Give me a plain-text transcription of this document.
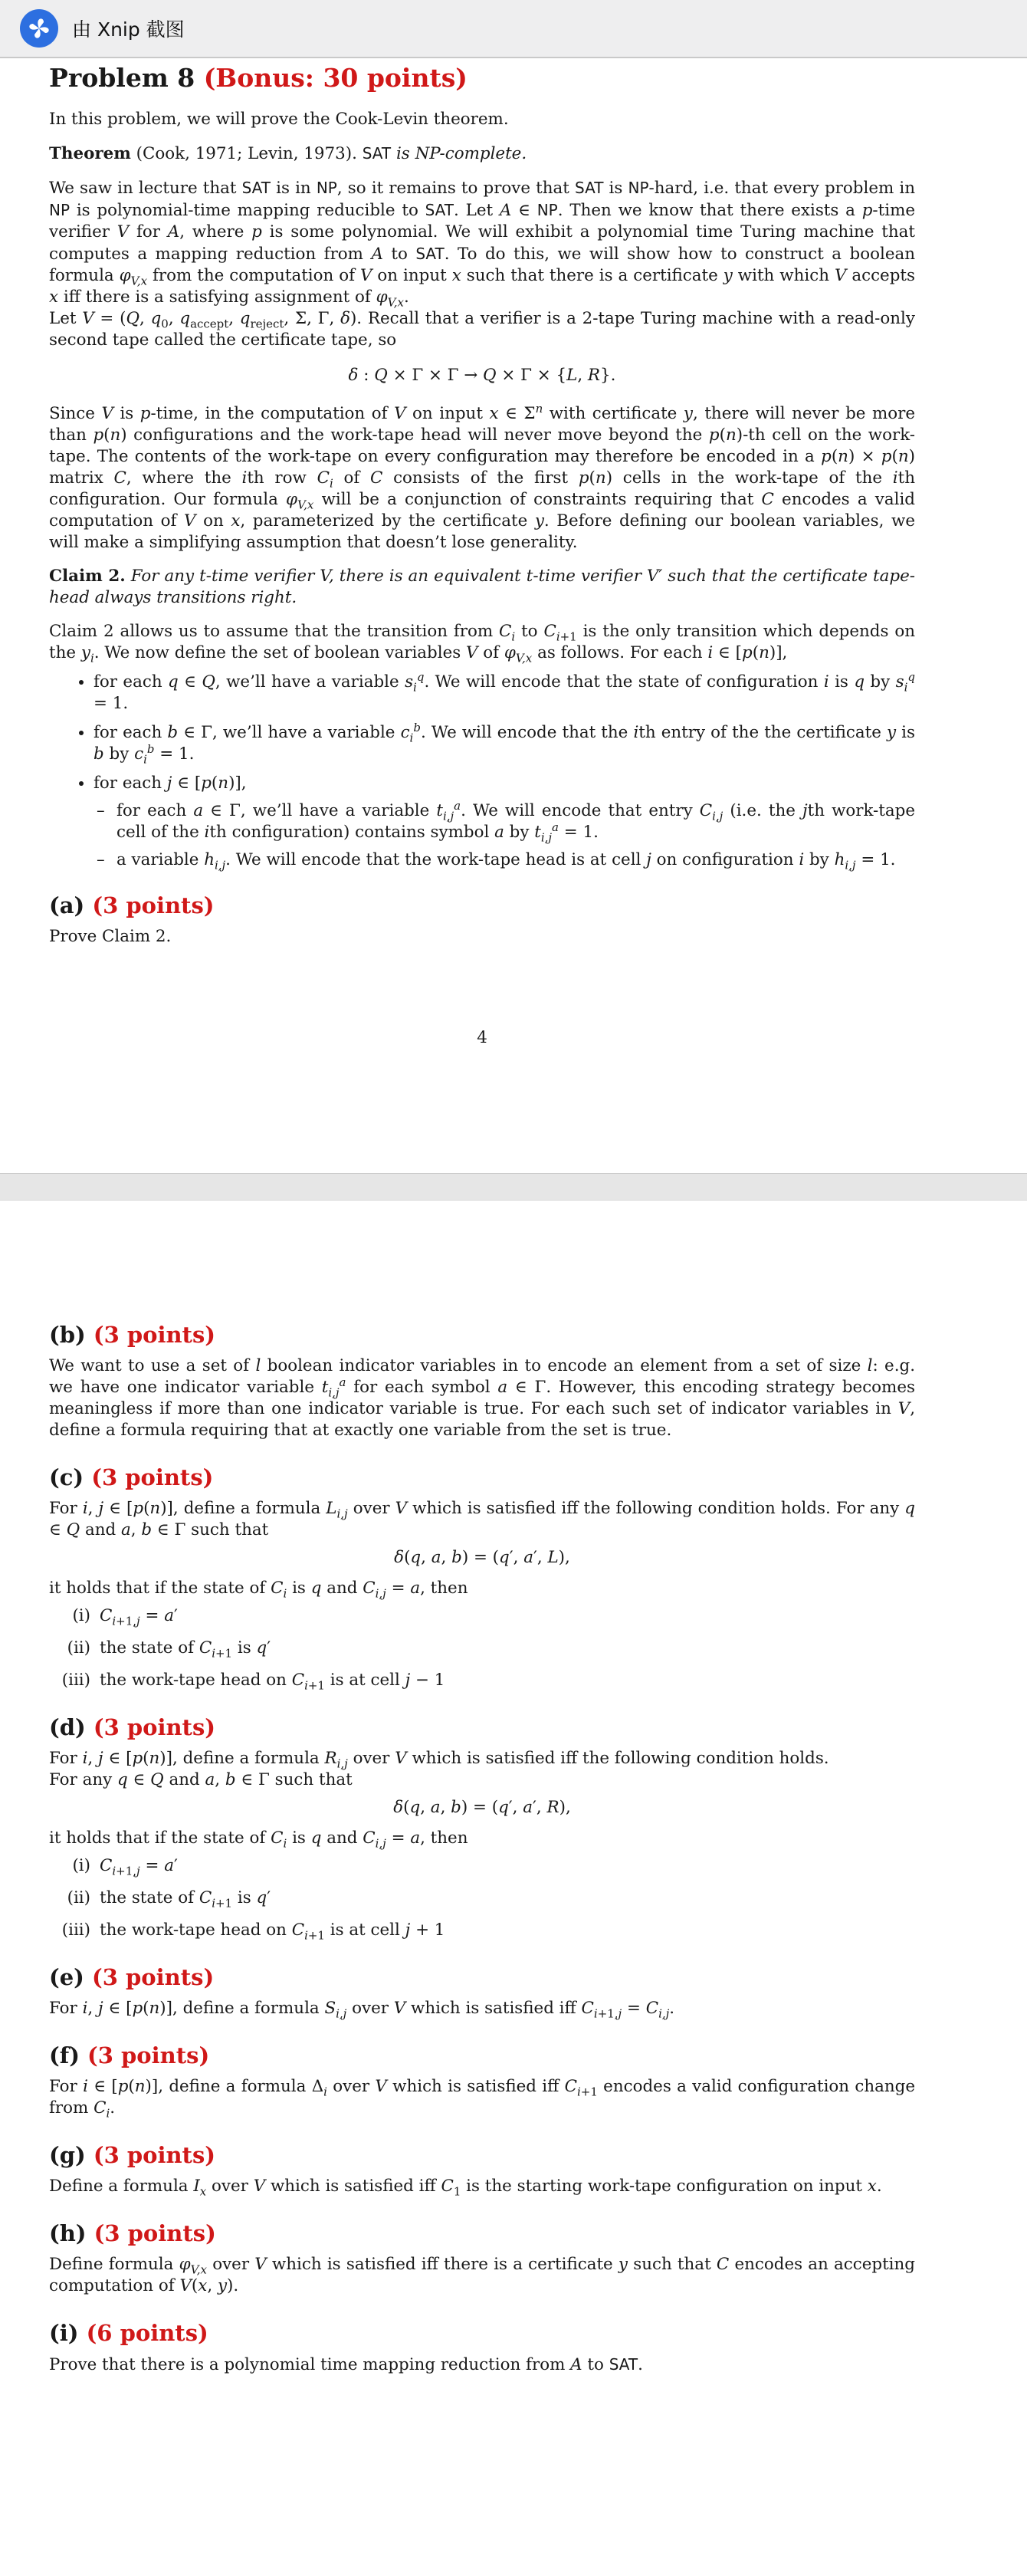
由 Xnip 截图
Problem 8 (Bonus: 30 points)

In this problem, we will prove the Cook-Levin theorem.

Theorem (Cook, 1971; Levin, 1973). SAT is NP-complete.

We saw in lecture that SAT is in NP, so it remains to prove that SAT is NP-hard, i.e. that every problem in NP is polynomial-time mapping reducible to SAT. Let A ∈ NP. Then we know that there exists a p-time verifier V for A, where p is some polynomial. We will exhibit a polynomial time Turing machine that computes a mapping reduction from A to SAT. To do this, we will show how to construct a boolean formula $\varphi_{V,x}$ from the computation of V on input x such that there is a certificate y with which V accepts x iff there is a satisfying assignment of $\varphi_{V,x}$.

Let V = (Q, $q_0$, $q_{accept}$, $q_{reject}$, Σ, Γ, δ). Recall that a verifier is a 2-tape Turing machine with a read-only second tape called the certificate tape, so

δ : Q × Γ × Γ → Q × Γ × {L, R}.

Since V is p-time, in the computation of V on input x ∈ $\Sigma^n$ with certificate y, there will never be more than p(n) configurations and the work-tape head will never move beyond the p(n)-th cell on the work-tape. The contents of the work-tape on every configuration may therefore be encoded in a p(n) × p(n) matrix C, where the ith row $C_i$ of C consists of the first p(n) cells in the work-tape of the ith configuration. Our formula $\varphi_{V,x}$ will be a conjunction of constraints requiring that C encodes a valid computation of V on x, parameterized by the certificate y. Before defining our boolean variables, we will make a simplifying assumption that doesn’t lose generality.

Claim 2. For any t-time verifier V, there is an equivalent t-time verifier V′ such that the certificate tape-head always transitions right.

Claim 2 allows us to assume that the transition from $C_i$ to $C_{i+1}$ is the only transition which depends on the $y_i$. We now define the set of boolean variables V of $\varphi_{V,x}$ as follows. For each i ∈ [p(n)],

• for each q ∈ Q, we’ll have a variable $s_i^q$. We will encode that the state of configuration i is q by $s_i^q = 1$.
• for each b ∈ Γ, we’ll have a variable $c_i^b$. We will encode that the ith entry of the the certificate y is b by $c_i^b = 1$.
• for each j ∈ [p(n)],
– for each a ∈ Γ, we’ll have a variable $t_{i,j}^a$. We will encode that entry $C_{i,j}$ (i.e. the jth work-tape cell of the ith configuration) contains symbol a by $t_{i,j}^a = 1$.
– a variable $h_{i,j}$. We will encode that the work-tape head is at cell j on configuration i by $h_{i,j} = 1$.
(a) (3 points)

Prove Claim 2.

4
(b) (3 points)

We want to use a set of l boolean indicator variables in to encode an element from a set of size l: e.g. we have one indicator variable $t_{i,j}^a$ for each symbol a ∈ Γ. However, this encoding strategy becomes meaningless if more than one indicator variable is true. For each such set of indicator variables in V, define a formula requiring that at exactly one variable from the set is true.

(c) (3 points)

For i, j ∈ [p(n)], define a formula $L_{i,j}$ over V which is satisfied iff the following condition holds. For any q ∈ Q and a, b ∈ Γ such that

δ(q, a, b) = (q′, a′, L),

it holds that if the state of $C_i$ is q and $C_{i,j} = a$, then

(i) $C_{i+1,j} = a'$
(ii) the state of $C_{i+1}$ is q′
(iii) the work-tape head on $C_{i+1}$ is at cell j − 1
(d) (3 points)

For i, j ∈ [p(n)], define a formula $R_{i,j}$ over V which is satisfied iff the following condition holds.
For any q ∈ Q and a, b ∈ Γ such that

δ(q, a, b) = (q′, a′, R),

it holds that if the state of $C_i$ is q and $C_{i,j} = a$, then

(i) $C_{i+1,j} = a'$
(ii) the state of $C_{i+1}$ is q′
(iii) the work-tape head on $C_{i+1}$ is at cell j + 1
(e) (3 points)

For i, j ∈ [p(n)], define a formula $S_{i,j}$ over V which is satisfied iff $C_{i+1,j} = C_{i,j}$.

(f) (3 points)

For i ∈ [p(n)], define a formula $\Delta_i$ over V which is satisfied iff $C_{i+1}$ encodes a valid configuration change from $C_i$.

(g) (3 points)

Define a formula $I_x$ over V which is satisfied iff $C_1$ is the starting work-tape configuration on input x.

(h) (3 points)

Define formula $\varphi_{V,x}$ over V which is satisfied iff there is a certificate y such that C encodes an accepting computation of V(x, y).

(i) (6 points)

Prove that there is a polynomial time mapping reduction from A to SAT.
